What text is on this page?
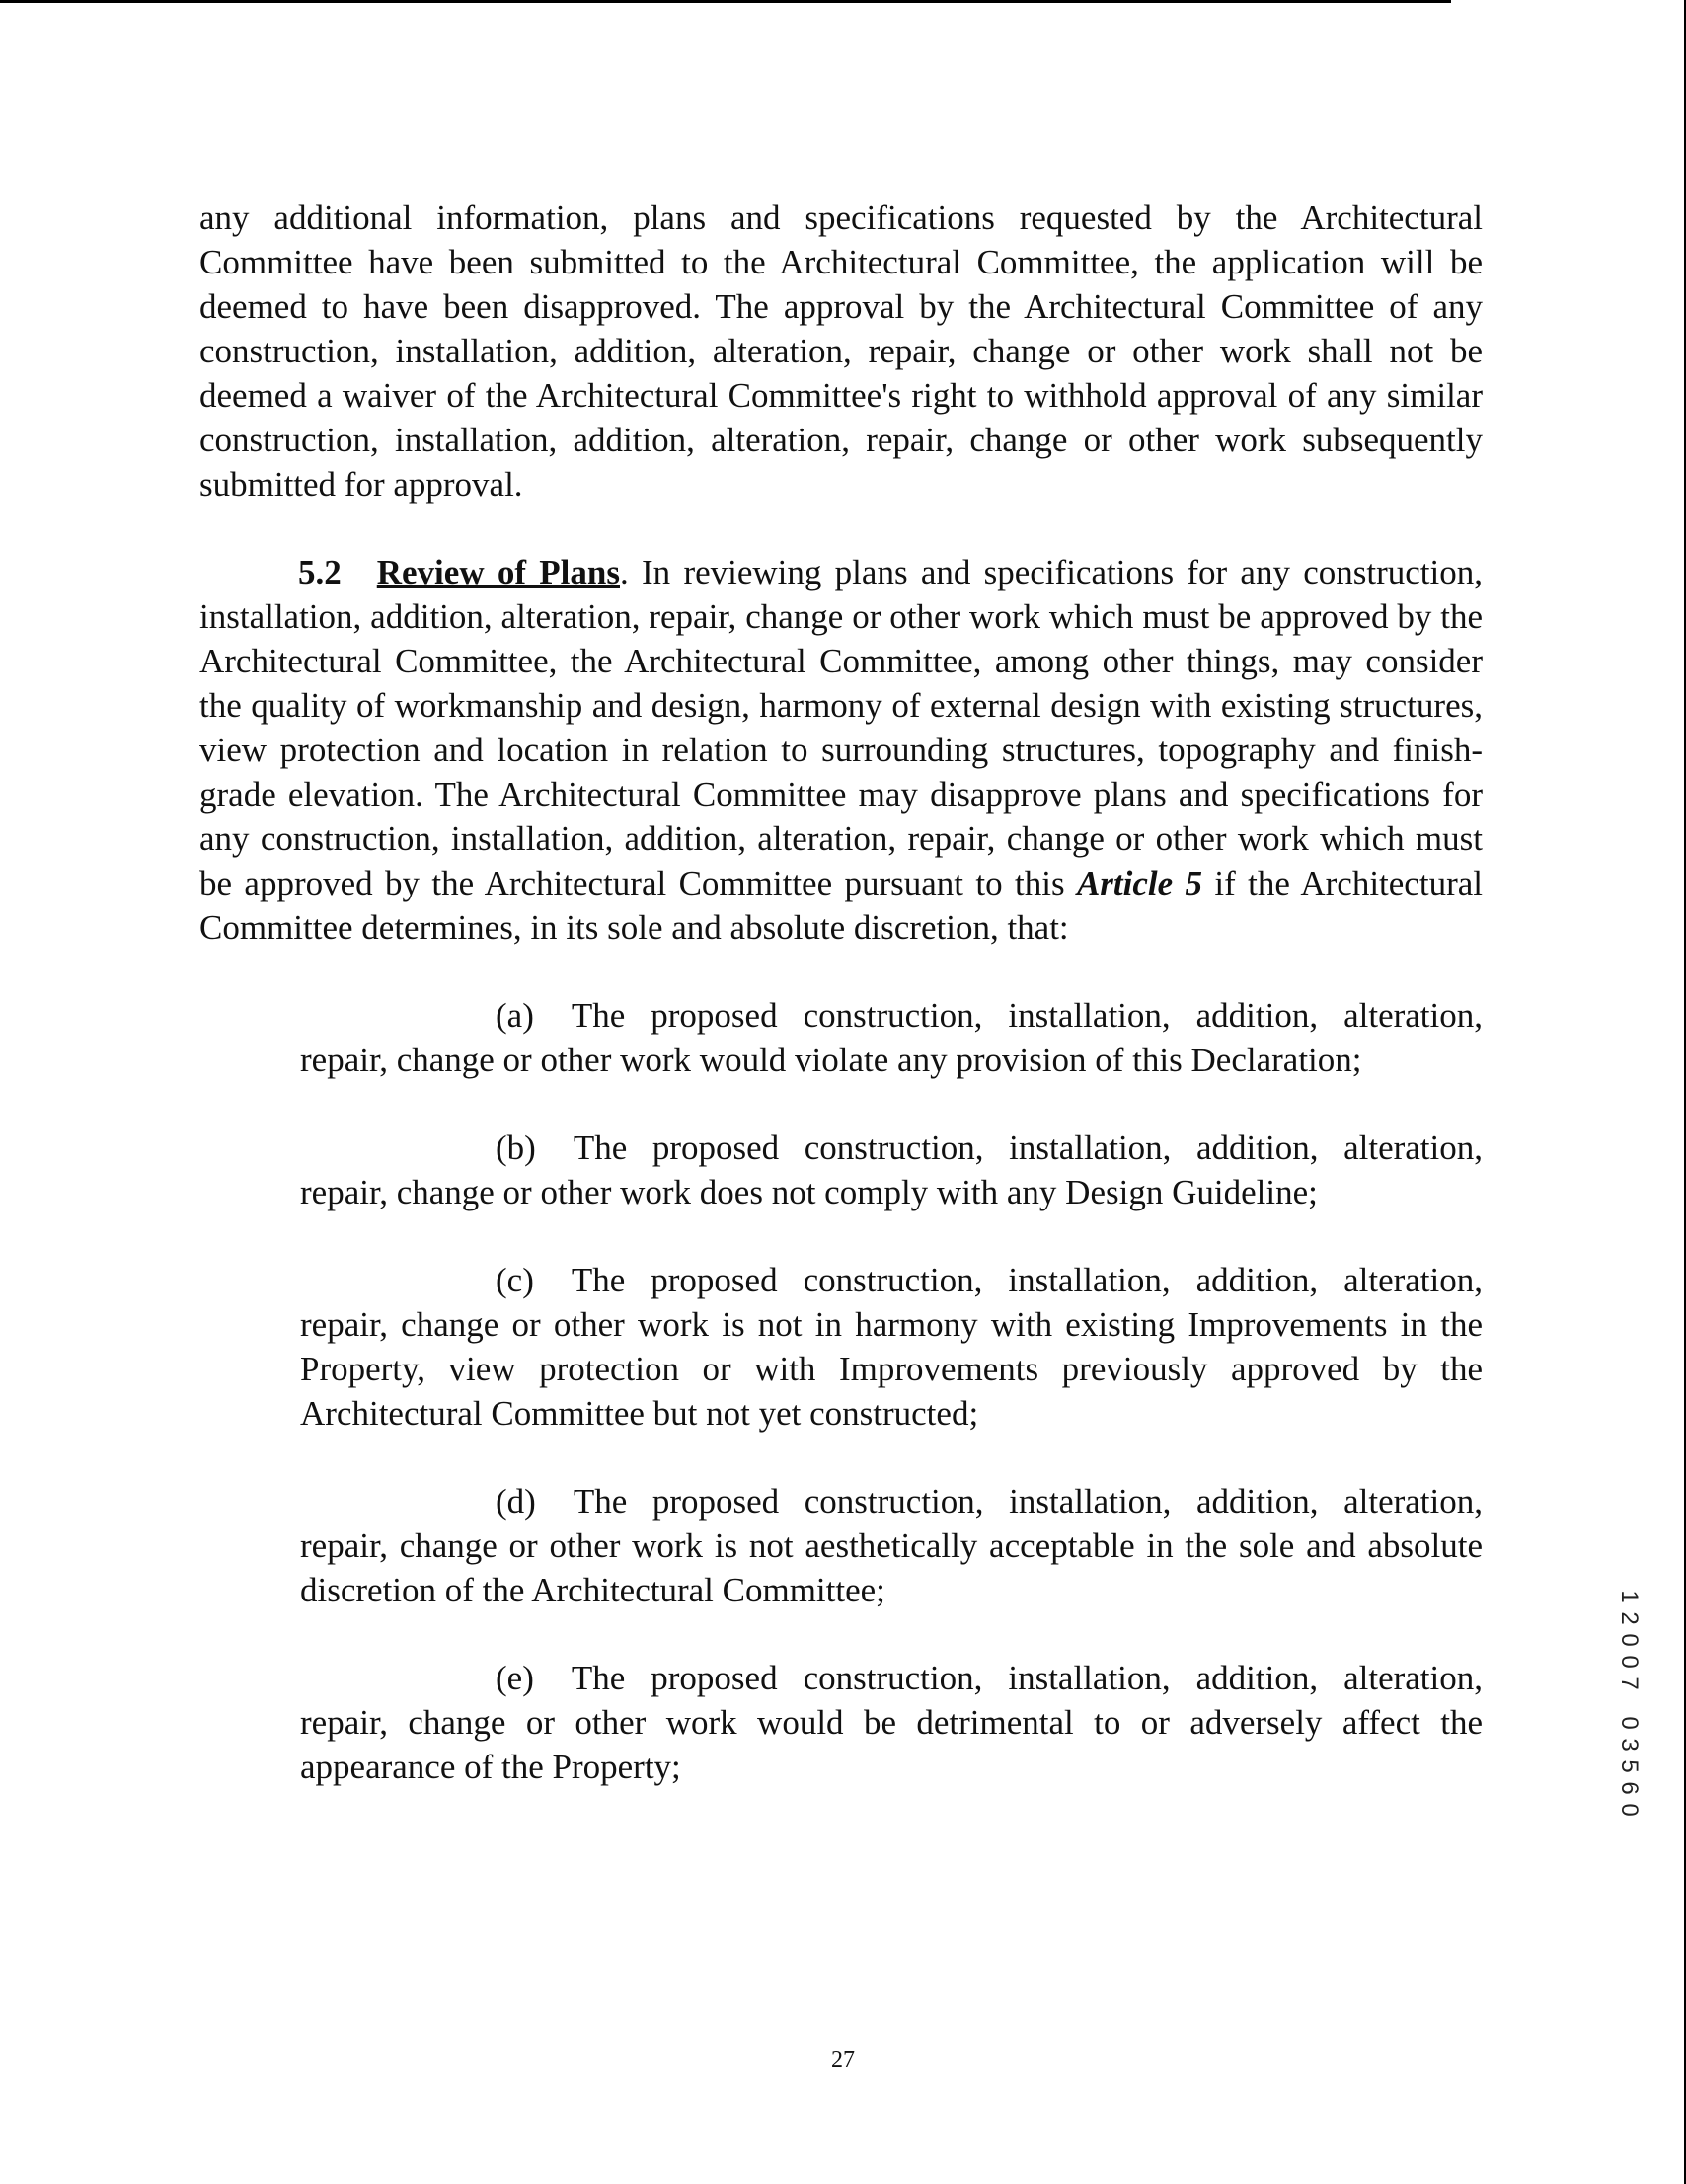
any additional information, plans and specifications requested by the Architectural Committee have been submitted to the Architectural Committee, the application will be deemed to have been disapproved. The approval by the Architectural Committee of any construction, installation, addition, alteration, repair, change or other work shall not be deemed a waiver of the Architectural Committee's right to withhold approval of any similar construction, installation, addition, alteration, repair, change or other work subsequently submitted for approval.

5.2 Review of Plans. In reviewing plans and specifications for any construction, installation, addition, alteration, repair, change or other work which must be approved by the Architectural Committee, the Architectural Committee, among other things, may consider the quality of workmanship and design, harmony of external design with existing structures, view protection and location in relation to surrounding structures, topography and finish-grade elevation. The Architectural Committee may disapprove plans and specifications for any construction, installation, addition, alteration, repair, change or other work which must be approved by the Architectural Committee pursuant to this Article 5 if the Architectural Committee determines, in its sole and absolute discretion, that:

(a) The proposed construction, installation, addition, alteration, repair, change or other work would violate any provision of this Declaration;

(b) The proposed construction, installation, addition, alteration, repair, change or other work does not comply with any Design Guideline;

(c) The proposed construction, installation, addition, alteration, repair, change or other work is not in harmony with existing Improvements in the Property, view protection or with Improvements previously approved by the Architectural Committee but not yet constructed;

(d) The proposed construction, installation, addition, alteration, repair, change or other work is not aesthetically acceptable in the sole and absolute discretion of the Architectural Committee;

(e) The proposed construction, installation, addition, alteration, repair, change or other work would be detrimental to or adversely affect the appearance of the Property;

27
1
2
0
0
7
0
3
5
6
0
